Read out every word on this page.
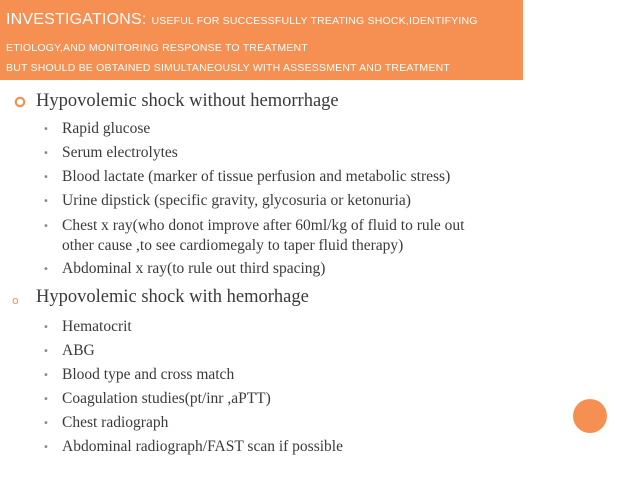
INVESTIGATIONS: USEFUL FOR SUCCESSFULLY TREATING SHOCK,IDENTIFYING
ETIOLOGY,AND MONITORING RESPONSE TO TREATMENT
BUT SHOULD BE OBTAINED SIMULTANEOUSLY WITH ASSESSMENT AND TREATMENT
Hypovolemic shock without hemorrhage
• Rapid glucose
• Serum electrolytes
• Blood lactate (marker of tissue perfusion and metabolic stress)
• Urine dipstick (specific gravity, glycosuria or ketonuria)
• Chest x ray(who donot improve after 60ml/kg of fluid to rule out
other cause ,to see cardiomegaly to taper fluid therapy)
• Abdominal x ray(to rule out third spacing)
o Hypovolemic shock with hemorhage
• Hematocrit
• ABG
• Blood type and cross match
• Coagulation studies(pt/inr ,aPTT)
• Chest radiograph
• Abdominal radiograph/FAST scan if possible
